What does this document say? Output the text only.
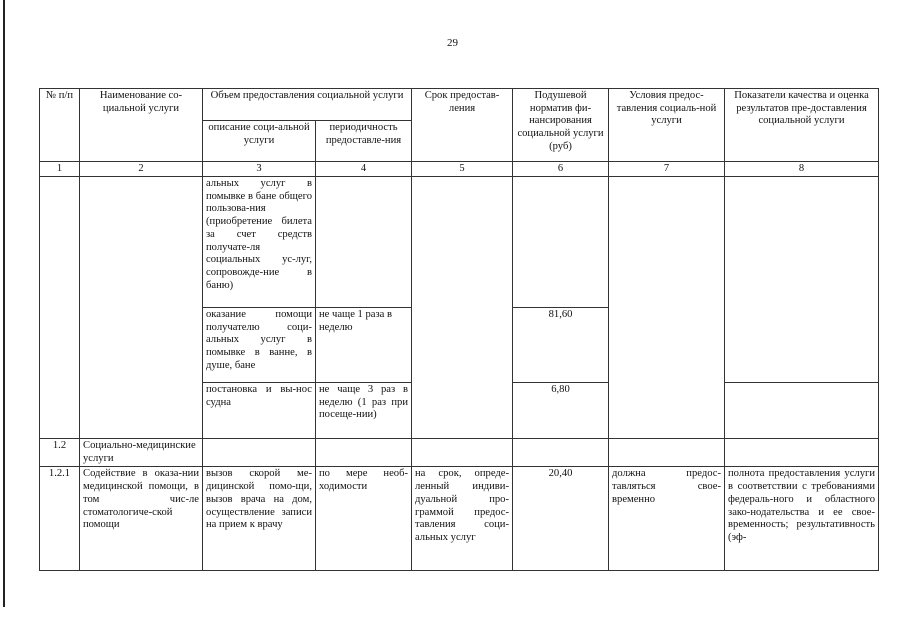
29
№ п/п	Наименование со-циальной услуги	Объем предоставления социальной услуги		Срок предостав-ления	Подушевой норматив фи-нансирования социальной услуги (руб)	Условия предос-тавления социаль-ной услуги	Показатели качества и оценка результатов пре-доставления социальной услуги
		описание соци-альной услуги	периодичность предоставле-ния				
1	2	3	4	5	6	7	8
		альных услуг в помывке в бане общего пользова-ния (приобретение билета за счет средств получате-ля социальных ус-луг, сопровожде-ние в баню)					
		оказание помощи получателю соци-альных услуг в помывке в ванне, в душе, бане	не чаще 1 раза в неделю		81,60		
		постановка и вы-нос судна	не чаще 3 раз в неделю (1 раз при посеще-нии)		6,80		
1.2	Социально-медицинские услуги						
1.2.1	Содействие в оказа-нии медицинской помощи, в том чис-ле стоматологиче-ской помощи	вызов скорой ме-дицинской помо-щи, вызов врача на дом, осуществление записи на прием к врачу	по мере необ-ходимости	на срок, опреде-ленный индиви-дуальной про-граммой предос-тавления соци-альных услуг	20,40	должна предос-тавляться свое-временно	полнота предоставления услуги в соответствии с требованиями федераль-ного и областного зако-нодательства и ее свое-временность; результативность (эф-
